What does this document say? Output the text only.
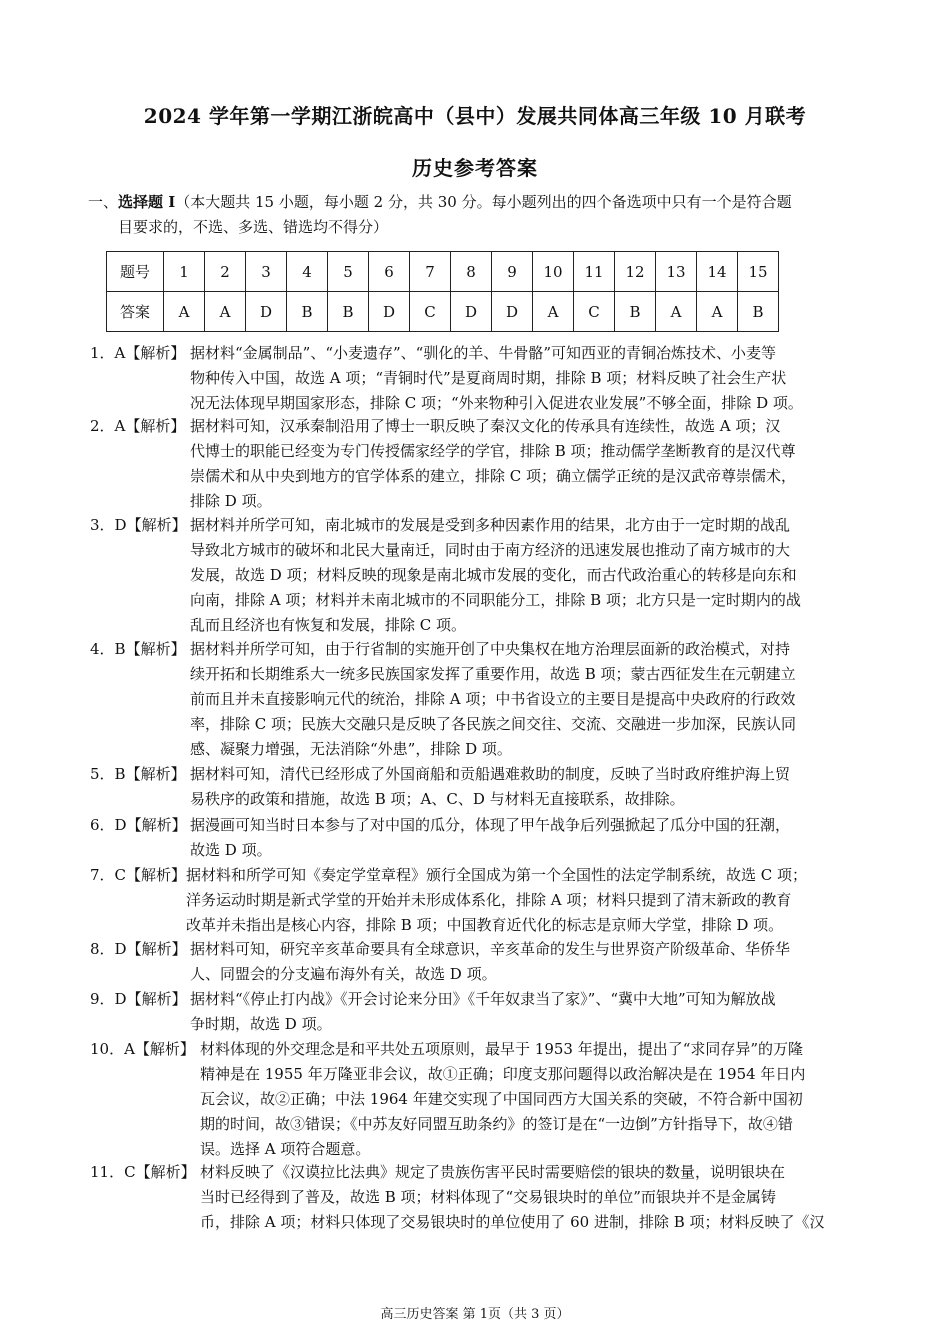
2024 学年第一学期江浙皖高中（县中）发展共同体高三年级 10 月联考
历史参考答案
一、选择题 I（本大题共 15 小题，每小题 2 分，共 30 分。每小题列出的四个备选项中只有一个是符合题
目要求的，不选、多选、错选均不得分）
题号	1	2	3	4	5	6	7	8	9	10	11	12	13	14	15
答案	A	A	D	B	B	D	C	D	D	A	C	B	A	A	B
1．A【解析】 据材料“金属制品”、“小麦遗存”、“驯化的羊、牛骨骼”可知西亚的青铜冶炼技术、小麦等
物种传入中国，故选 A 项；“青铜时代”是夏商周时期，排除 B 项；材料反映了社会生产状
况无法体现早期国家形态，排除 C 项；“外来物种引入促进农业发展”不够全面，排除 D 项。
2．A【解析】 据材料可知，汉承秦制沿用了博士一职反映了秦汉文化的传承具有连续性，故选 A 项；汉
代博士的职能已经变为专门传授儒家经学的学官，排除 B 项；推动儒学垄断教育的是汉代尊
崇儒术和从中央到地方的官学体系的建立，排除 C 项；确立儒学正统的是汉武帝尊崇儒术，
排除 D 项。
3．D【解析】 据材料并所学可知，南北城市的发展是受到多种因素作用的结果，北方由于一定时期的战乱
导致北方城市的破坏和北民大量南迁，同时由于南方经济的迅速发展也推动了南方城市的大
发展，故选 D 项；材料反映的现象是南北城市发展的变化，而古代政治重心的转移是向东和
向南，排除 A 项；材料并未南北城市的不同职能分工，排除 B 项；北方只是一定时期内的战
乱而且经济也有恢复和发展，排除 C 项。
4．B【解析】 据材料并所学可知，由于行省制的实施开创了中央集权在地方治理层面新的政治模式，对持
续开拓和长期维系大一统多民族国家发挥了重要作用，故选 B 项；蒙古西征发生在元朝建立
前而且并未直接影响元代的统治，排除 A 项；中书省设立的主要目是提高中央政府的行政效
率，排除 C 项；民族大交融只是反映了各民族之间交往、交流、交融进一步加深，民族认同
感、凝聚力增强，无法消除“外患”，排除 D 项。
5．B【解析】 据材料可知，清代已经形成了外国商船和贡船遇难救助的制度，反映了当时政府维护海上贸
易秩序的政策和措施，故选 B 项；A、C、D 与材料无直接联系，故排除。
6．D【解析】 据漫画可知当时日本参与了对中国的瓜分，体现了甲午战争后列强掀起了瓜分中国的狂潮，
故选 D 项。
7．C【解析】 据材料和所学可知《奏定学堂章程》颁行全国成为第一个全国性的法定学制系统，故选 C 项；
洋务运动时期是新式学堂的开始并未形成体系化，排除 A 项；材料只提到了清末新政的教育
改革并未指出是核心内容，排除 B 项；中国教育近代化的标志是京师大学堂，排除 D 项。
8．D【解析】 据材料可知，研究辛亥革命要具有全球意识，辛亥革命的发生与世界资产阶级革命、华侨华
人、同盟会的分支遍布海外有关，故选 D 项。
9．D【解析】 据材料“《停止打内战》《开会讨论来分田》《千年奴隶当了家》”、“冀中大地”可知为解放战
争时期，故选 D 项。
10．A【解析】 材料体现的外交理念是和平共处五项原则，最早于 1953 年提出，提出了“求同存异”的万隆
精神是在 1955 年万隆亚非会议，故①正确；印度支那问题得以政治解决是在 1954 年日内
瓦会议，故②正确；中法 1964 年建交实现了中国同西方大国关系的突破，不符合新中国初
期的时间，故③错误；《中苏友好同盟互助条约》的签订是在“一边倒”方针指导下，故④错
误。选择 A 项符合题意。
11．C【解析】 材料反映了《汉谟拉比法典》规定了贵族伤害平民时需要赔偿的银块的数量，说明银块在
当时已经得到了普及，故选 B 项；材料体现了“交易银块时的单位”而银块并不是金属铸
币，排除 A 项；材料只体现了交易银块时的单位使用了 60 进制，排除 B 项；材料反映了《汉
高三历史答案 第 1页（共 3 页）
